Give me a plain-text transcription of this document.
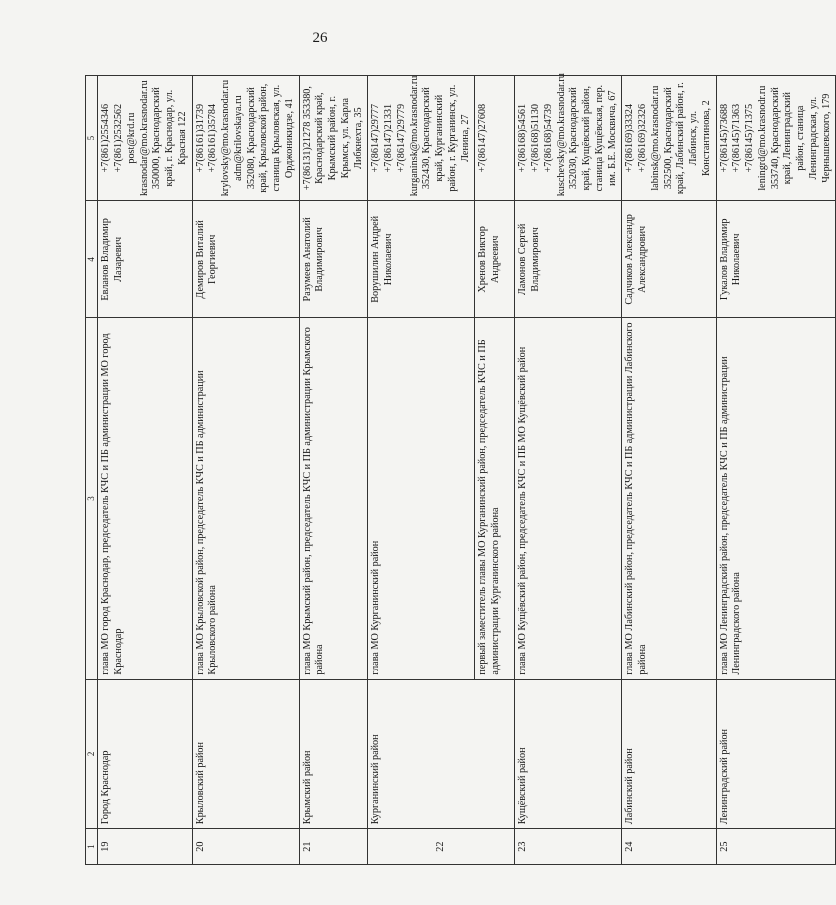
26
1	2	3	4	5
19	Город Краснодар	глава МО город Краснодар, председатель КЧС и ПБ администрации МО город Краснодар	Евланов Владимир Лазаревич	+7(861)2554346 +7(861)2532562 post@krd.ru krasnodar@mo.krasnodar.ru 350000, Краснодарский край, г. Краснодар, ул. Красная 122
20	Крыловский район	глава МО Крыловской район, председатель КЧС и ПБ администрации Крыловского района	Демиров Виталий Георгиевич	+7(86161)31739 +7(86161)35784 krylovsky@mo.krasnodar.ru adm@krilovskaya.ru 352080, Краснодарский край, Крыловской район, станица Крыловская, ул. Орджоникидзе, 41
21	Крымский район	глава МО Крымский район, председатель КЧС и ПБ администрации Крымского района	Разумеев Анатолий Владимирович	+7(86131)21278 353380, Краснодарский край, Крымский район, г. Крымск, ул. Карла Либкнехта, 35
22	Курганинский район	глава МО Курганинский район	Ворушилин Андрей Николаевич	+7(86147)29777 +7(86147)21331 +7(86147)29779 kurganinsk@mo.krasnodar.ru 352430, Краснодарский край, Курганинский район, г. Курганинск, ул. Ленина, 27
		первый заместитель главы МО Курганинский район, председатель КЧС и ПБ администрации Курганинского района	Хренов Виктор Андреевич	+7(86147)27608
23	Кущёвский район	глава МО Кущёвский район, председатель КЧС и ПБ МО Кущёвский район	Ламонов Сергей Владимирович	+7(86168)54561 +7(86168)51130 +7(86168)54739 kuschevsky@mo.krasnodar.ru 352030, Краснодарский край, Кущёвский район, станица Кущёвская, пер. им. Б.Е. Москвича, 67
24	Лабинский район	глава МО Лабинский район, председатель КЧС и ПБ администрации Лабинского района	Садчиков Александр Александрович	+7(86169)33324 +7(86169)32326 labinsk@mo.krasnodar.ru 352500, Краснодарский край, Лабинский район, г. Лабинск, ул. Константинова, 2
25	Ленинградский район	глава МО Ленинградский район, председатель КЧС и ПБ администрации Ленинградского района	Гукалов Владимир Николаевич	+7(86145)73688 +7(86145)71363 +7(86145)71375 leningrd@mo.krasnodr.ru 353740, Краснодарский край, Ленинградский район, станица Ленинградская, ул. Чернышевского, 179
